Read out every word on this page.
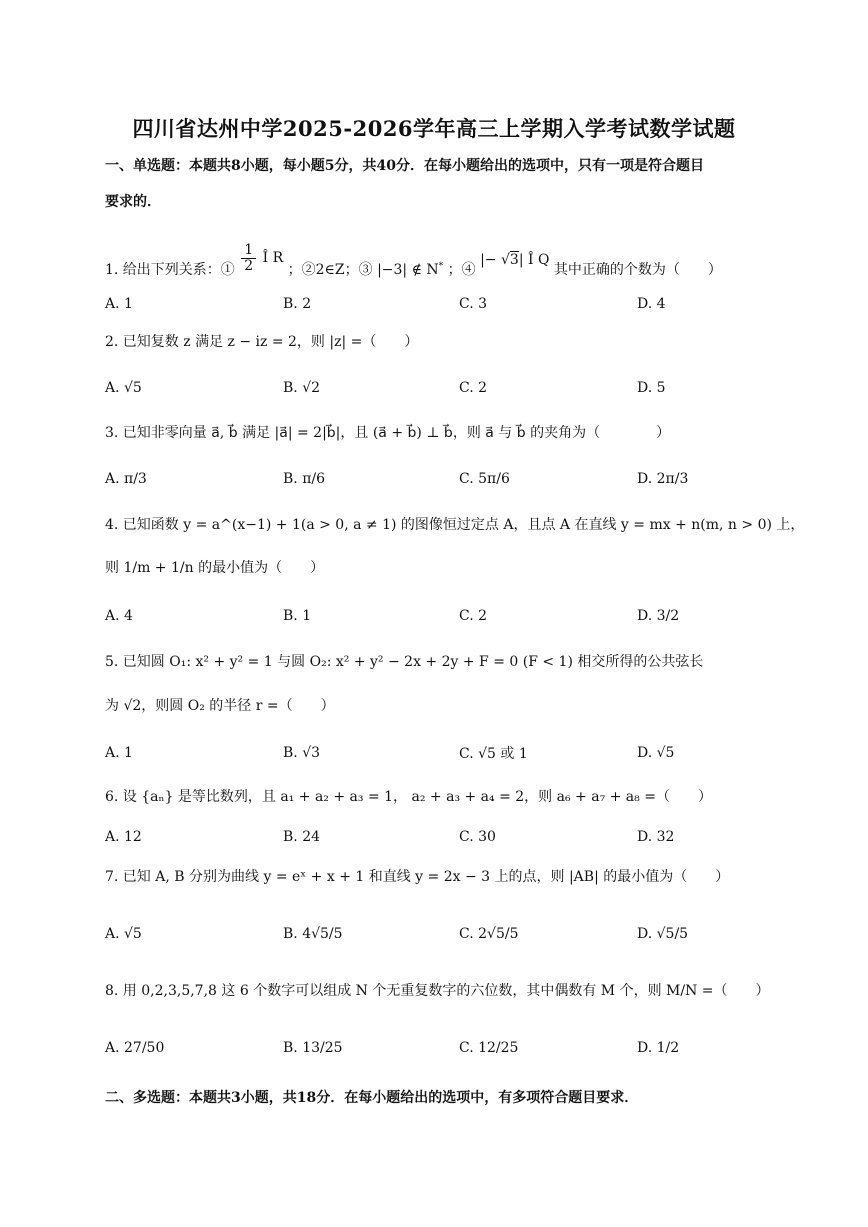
四川省达州中学2025-2026学年高三上学期入学考试数学试题
一、单选题：本题共8小题，每小题5分，共40分．在每小题给出的选项中，只有一项是符合题目
要求的．
1. 给出下列关系：① $\frac{1}{2}$ Î R ；②2∈Z；③ |−3| ∉ N* ；④ |− √3| Î Q 其中正确的个数为（　　）
A. 1	B. 2	C. 3	D. 4
2. 已知复数 z 满足 z − iz = 2，则 |z| =（　　）
A. √5	B. √2	C. 2	D. 5
3. 已知非零向量 a⃗, b⃗ 满足 |a⃗| = 2|b⃗|，且 (a⃗ + b⃗) ⊥ b⃗，则 a⃗ 与 b⃗ 的夹角为（　　　　）
A. π/3	B. π/6	C. 5π/6	D. 2π/3
4. 已知函数 y = a^(x−1) + 1(a > 0, a ≠ 1) 的图像恒过定点 A，且点 A 在直线 y = mx + n(m, n > 0) 上，
则 1/m + 1/n 的最小值为（　　）
A. 4	B. 1	C. 2	D. 3/2
5. 已知圆 O₁: x² + y² = 1 与圆 O₂: x² + y² − 2x + 2y + F = 0 (F < 1) 相交所得的公共弦长
为 √2，则圆 O₂ 的半径 r =（　　）
A. 1	B. √3	C. √5 或 1	D. √5
6. 设 {aₙ} 是等比数列，且 a₁ + a₂ + a₃ = 1， a₂ + a₃ + a₄ = 2，则 a₆ + a₇ + a₈ =（　　）
A. 12	B. 24	C. 30	D. 32
7. 已知 A, B 分别为曲线 y = eˣ + x + 1 和直线 y = 2x − 3 上的点，则 |AB| 的最小值为（　　）
A. √5	B. 4√5/5	C. 2√5/5	D. √5/5
8. 用 0,2,3,5,7,8 这 6 个数字可以组成 N 个无重复数字的六位数，其中偶数有 M 个，则 M/N =（　　）
A. 27/50	B. 13/25	C. 12/25	D. 1/2
二、多选题：本题共3小题，共18分．在每小题给出的选项中，有多项符合题目要求．
